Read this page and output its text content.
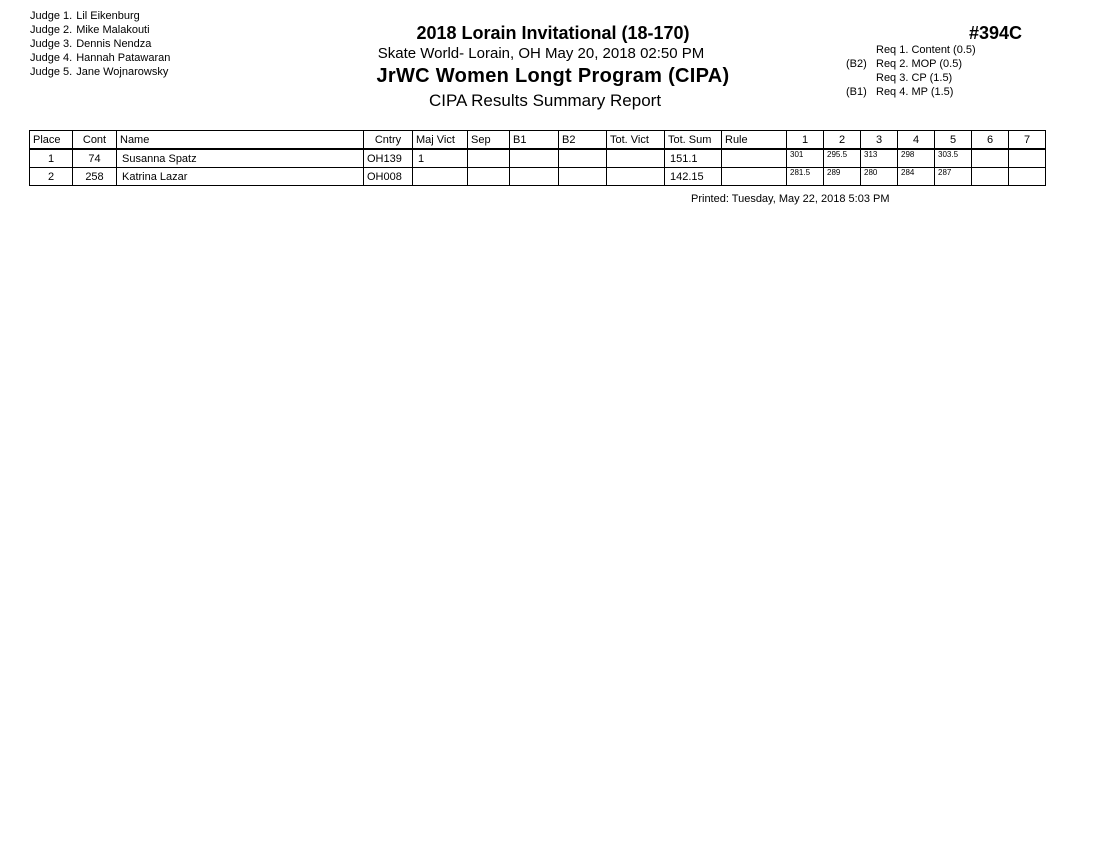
Judge 1. Lil Eikenburg
Judge 2. Mike Malakouti
Judge 3. Dennis Nendza
Judge 4. Hannah Patawaran
Judge 5. Jane Wojnarowsky
2018 Lorain Invitational (18-170)
Skate World- Lorain, OH May 20, 2018 02:50 PM
JrWC Women Longt Program (CIPA)
CIPA Results Summary Report
#394C
Req 1. Content (0.5)
(B2) Req 2. MOP (0.5)
Req 3. CP (1.5)
(B1) Req 4. MP (1.5)
Place	Cont	Name	Cntry	Maj Vict	Sep	B1	B2	Tot. Vict	Tot. Sum	Rule	1	2	3	4	5	6	7
1	74	Susanna Spatz	OH139	1					151.1		301	295.5	313	298	303.5		
2	258	Katrina Lazar	OH008						142.15		281.5	289	280	284	287		
Printed: Tuesday, May 22, 2018 5:03 PM
